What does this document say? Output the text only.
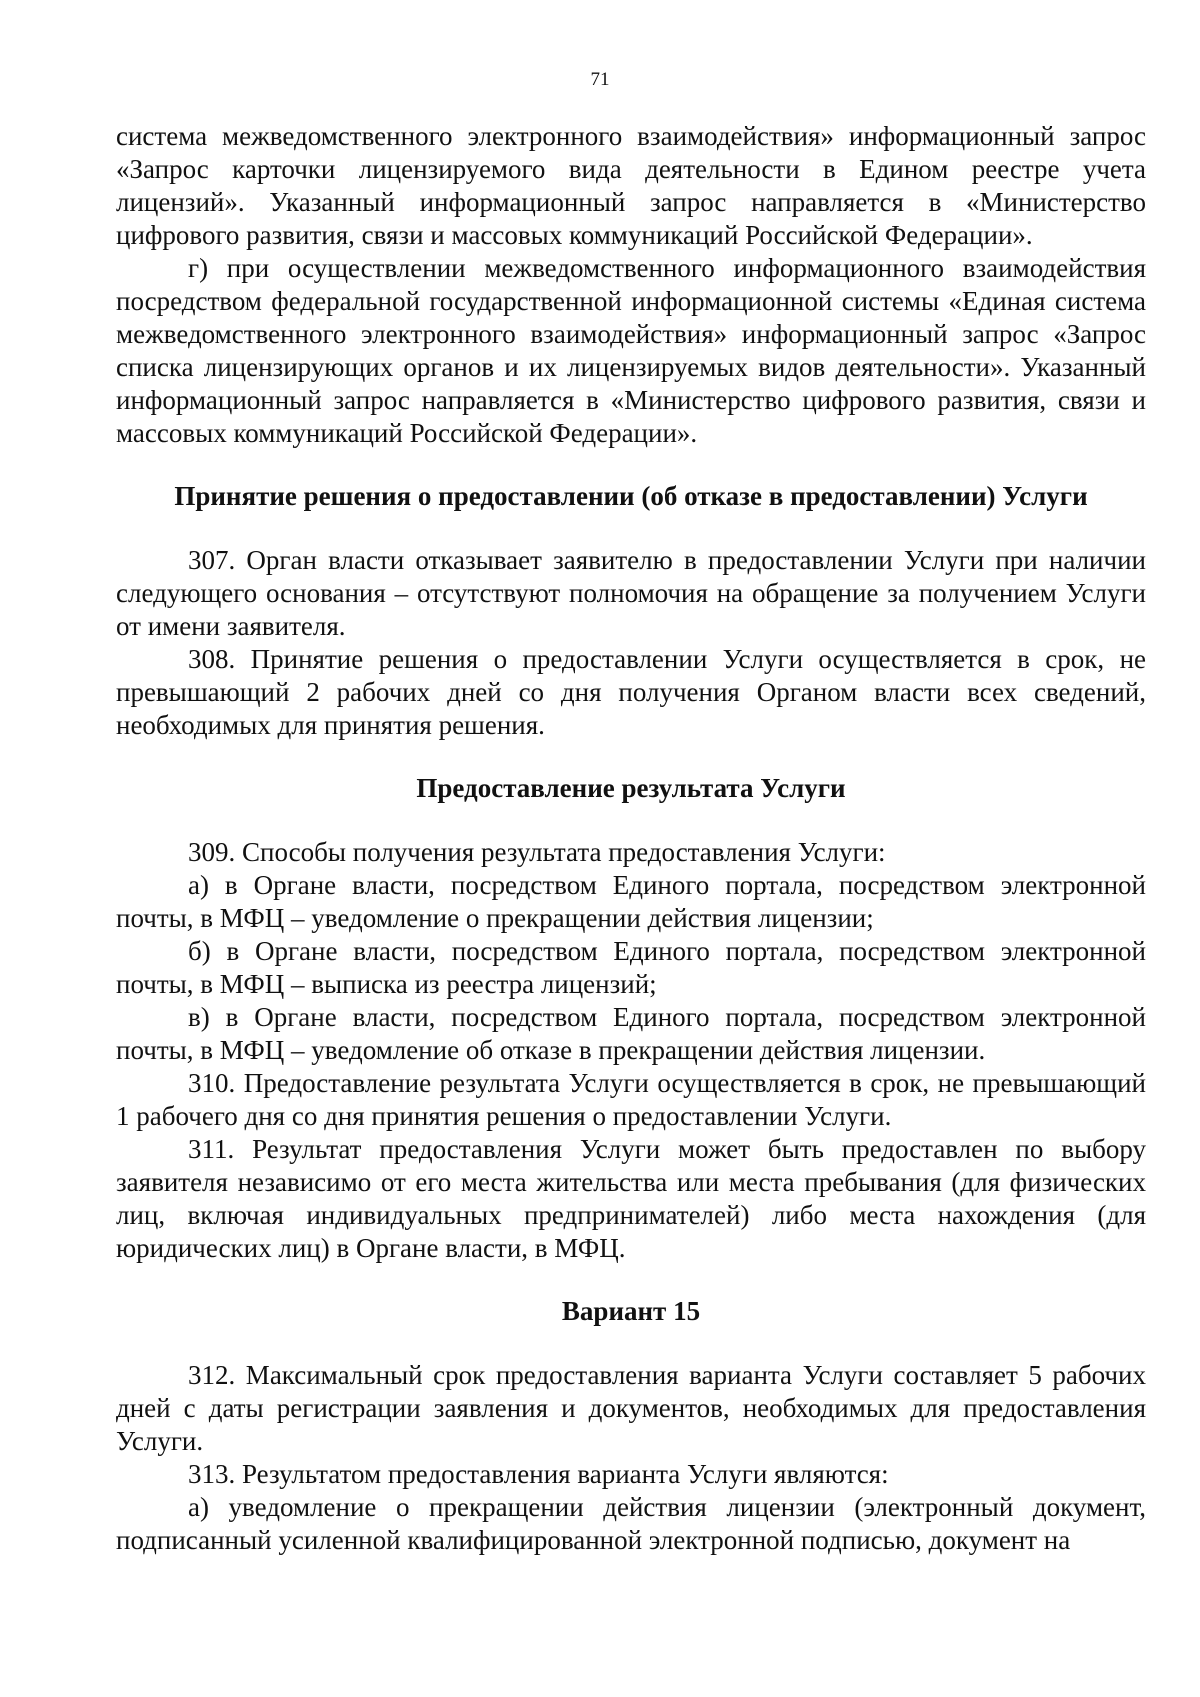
71

система межведомственного электронного взаимодействия» информационный запрос «Запрос карточки лицензируемого вида деятельности в Едином реестре учета лицензий». Указанный информационный запрос направляется в «Министерство цифрового развития, связи и массовых коммуникаций Российской Федерации».

г) при осуществлении межведомственного информационного взаимодействия посредством федеральной государственной информационной системы «Единая система межведомственного электронного взаимодействия» информационный запрос «Запрос списка лицензирующих органов и их лицензируемых видов деятельности». Указанный информационный запрос направляется в «Министерство цифрового развития, связи и массовых коммуникаций Российской Федерации».

Принятие решения о предоставлении (об отказе в предоставлении) Услуги

307. Орган власти отказывает заявителю в предоставлении Услуги при наличии следующего основания – отсутствуют полномочия на обращение за получением Услуги от имени заявителя.

308. Принятие решения о предоставлении Услуги осуществляется в срок, не превышающий 2 рабочих дней со дня получения Органом власти всех сведений, необходимых для принятия решения.

Предоставление результата Услуги

309. Способы получения результата предоставления Услуги:

а) в Органе власти, посредством Единого портала, посредством электронной почты, в МФЦ – уведомление о прекращении действия лицензии;

б) в Органе власти, посредством Единого портала, посредством электронной почты, в МФЦ – выписка из реестра лицензий;

в) в Органе власти, посредством Единого портала, посредством электронной почты, в МФЦ – уведомление об отказе в прекращении действия лицензии.

310. Предоставление результата Услуги осуществляется в срок, не превышающий 1 рабочего дня со дня принятия решения о предоставлении Услуги.

311. Результат предоставления Услуги может быть предоставлен по выбору заявителя независимо от его места жительства или места пребывания (для физических лиц, включая индивидуальных предпринимателей) либо места нахождения (для юридических лиц) в Органе власти, в МФЦ.

Вариант 15

312. Максимальный срок предоставления варианта Услуги составляет 5 рабочих дней с даты регистрации заявления и документов, необходимых для предоставления Услуги.

313. Результатом предоставления варианта Услуги являются:

а) уведомление о прекращении действия лицензии (электронный документ, подписанный усиленной квалифицированной электронной подписью, документ на
